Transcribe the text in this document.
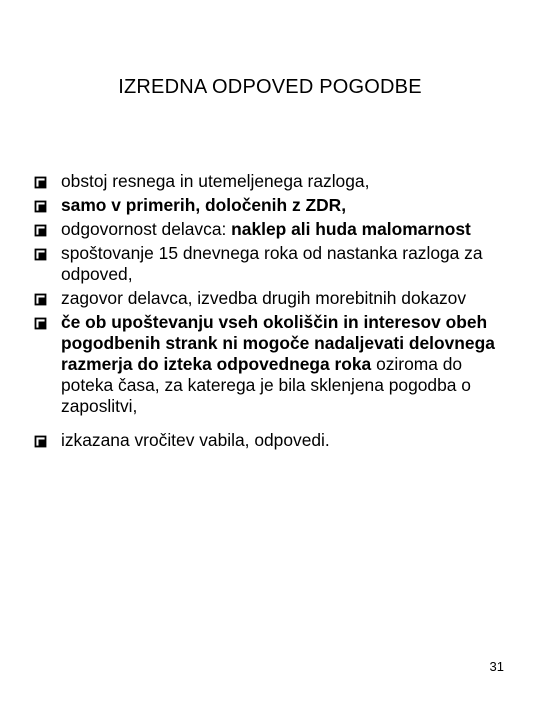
IZREDNA ODPOVED POGODBE
obstoj resnega in utemeljenega razloga,
samo v primerih, določenih z ZDR,
odgovornost delavca: naklep ali huda malomarnost
spoštovanje 15 dnevnega roka od nastanka razloga za odpoved,
zagovor delavca, izvedba drugih morebitnih dokazov
če ob upoštevanju vseh okoliščin in interesov obeh pogodbenih strank ni mogoče nadaljevati delovnega razmerja do izteka odpovednega roka oziroma do poteka časa, za katerega je bila sklenjena pogodba o zaposlitvi,
izkazana vročitev vabila, odpovedi.
31
